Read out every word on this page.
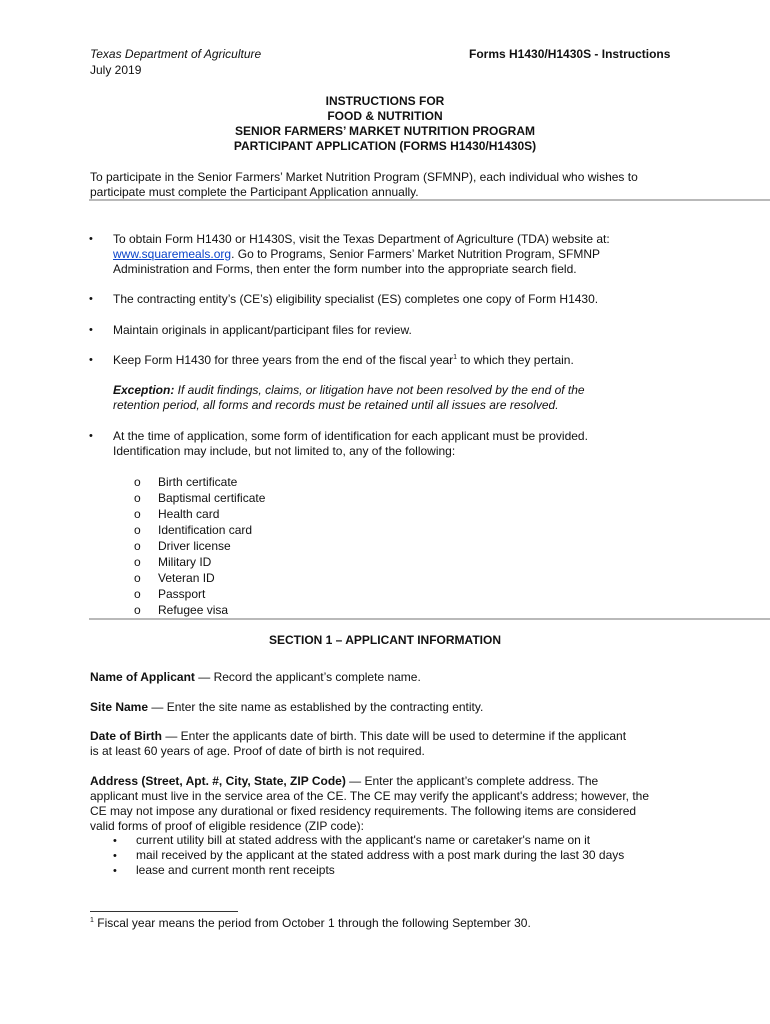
Texas Department of Agriculture
July 2019
Forms H1430/H1430S - Instructions
INSTRUCTIONS FOR
FOOD & NUTRITION
SENIOR FARMERS’ MARKET NUTRITION PROGRAM
PARTICIPANT APPLICATION (FORMS H1430/H1430S)
To participate in the Senior Farmers’ Market Nutrition Program (SFMNP), each individual who wishes to
participate must complete the Participant Application annually.
•	To obtain Form H1430 or H1430S, visit the Texas Department of Agriculture (TDA) website at:
www.squaremeals.org. Go to Programs, Senior Farmers’ Market Nutrition Program, SFMNP
Administration and Forms, then enter the form number into the appropriate search field.
•	The contracting entity’s (CE’s) eligibility specialist (ES) completes one copy of Form H1430.
•	Maintain originals in applicant/participant files for review.
•	Keep Form H1430 for three years from the end of the fiscal year$^1$ to which they pertain.
Exception: If audit findings, claims, or litigation have not been resolved by the end of the
retention period, all forms and records must be retained until all issues are resolved.
•	At the time of application, some form of identification for each applicant must be provided.
Identification may include, but not limited to, any of the following:
o Birth certificate
o Baptismal certificate
o Health card
o Identification card
o Driver license
o Military ID
o Veteran ID
o Passport
o Refugee visa
SECTION 1 – APPLICANT INFORMATION
Name of Applicant — Record the applicant’s complete name.
Site Name — Enter the site name as established by the contracting entity.
Date of Birth — Enter the applicants date of birth. This date will be used to determine if the applicant
is at least 60 years of age. Proof of date of birth is not required.
Address (Street, Apt. #, City, State, ZIP Code) — Enter the applicant’s complete address. The
applicant must live in the service area of the CE. The CE may verify the applicant's address; however, the
CE may not impose any durational or fixed residency requirements. The following items are considered
valid forms of proof of eligible residence (ZIP code):
• current utility bill at stated address with the applicant's name or caretaker's name on it
• mail received by the applicant at the stated address with a post mark during the last 30 days
• lease and current month rent receipts
$^1$ Fiscal year means the period from October 1 through the following September 30.
